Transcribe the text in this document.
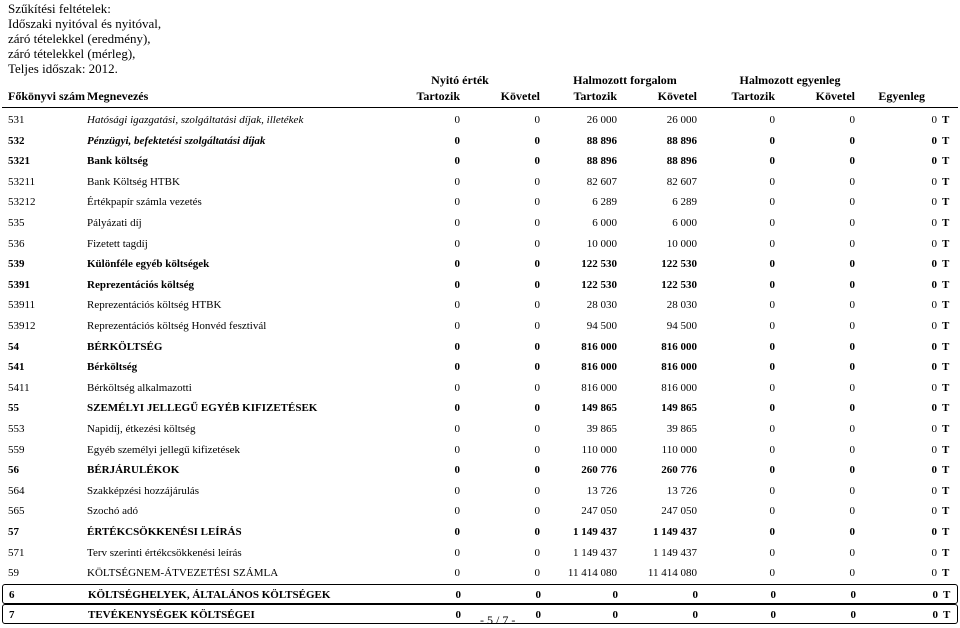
Szűkítési feltételek:
Időszaki nyitóval és nyitóval,
záró tételekkel (eredmény),
záró tételekkel (mérleg),
Teljes időszak: 2012.
Nyitó érték	Halmozott forgalom	Halmozott egyenleg
Főkönyvi szám Megnevezés	Tartozik	Követel	Tartozik	Követel	Tartozik	Követel	Egyenleg
531	Hatósági igazgatási, szolgáltatási díjak, illetékek	0	0	26 000	26 000	0	0	0 T
532	Pénzügyi, befektetési szolgáltatási díjak	0	0	88 896	88 896	0	0	0 T
5321	Bank költség	0	0	88 896	88 896	0	0	0 T
53211	Bank Költség HTBK	0	0	82 607	82 607	0	0	0 T
53212	Értékpapír számla vezetés	0	0	6 289	6 289	0	0	0 T
535	Pályázati díj	0	0	6 000	6 000	0	0	0 T
536	Fizetett tagdíj	0	0	10 000	10 000	0	0	0 T
539	Különféle egyéb költségek	0	0	122 530	122 530	0	0	0 T
5391	Reprezentációs költség	0	0	122 530	122 530	0	0	0 T
53911	Reprezentációs költség HTBK	0	0	28 030	28 030	0	0	0 T
53912	Reprezentációs költség Honvéd fesztivál	0	0	94 500	94 500	0	0	0 T
54	BÉRKÖLTSÉG	0	0	816 000	816 000	0	0	0 T
541	Bérköltség	0	0	816 000	816 000	0	0	0 T
5411	Bérköltség alkalmazotti	0	0	816 000	816 000	0	0	0 T
55	SZEMÉLYI JELLEGŰ EGYÉB KIFIZETÉSEK	0	0	149 865	149 865	0	0	0 T
553	Napidíj, étkezési költség	0	0	39 865	39 865	0	0	0 T
559	Egyéb személyi jellegű kifizetések	0	0	110 000	110 000	0	0	0 T
56	BÉRJÁRULÉKOK	0	0	260 776	260 776	0	0	0 T
564	Szakképzési hozzájárulás	0	0	13 726	13 726	0	0	0 T
565	Szochó adó	0	0	247 050	247 050	0	0	0 T
57	ÉRTÉKCSÖKKENÉSI LEÍRÁS	0	0	1 149 437	1 149 437	0	0	0 T
571	Terv szerinti értékcsökkenési leírás	0	0	1 149 437	1 149 437	0	0	0 T
59	KÖLTSÉGNEM-ÁTVEZETÉSI SZÁMLA	0	0	11 414 080	11 414 080	0	0	0 T
6	KÖLTSÉGHELYEK, ÁLTALÁNOS KÖLTSÉGEK	0	0	0	0	0	0	0 T
7	TEVÉKENYSÉGEK KÖLTSÉGEI	0	0	0	0	0	0	0 T
- 5 / 7 -
